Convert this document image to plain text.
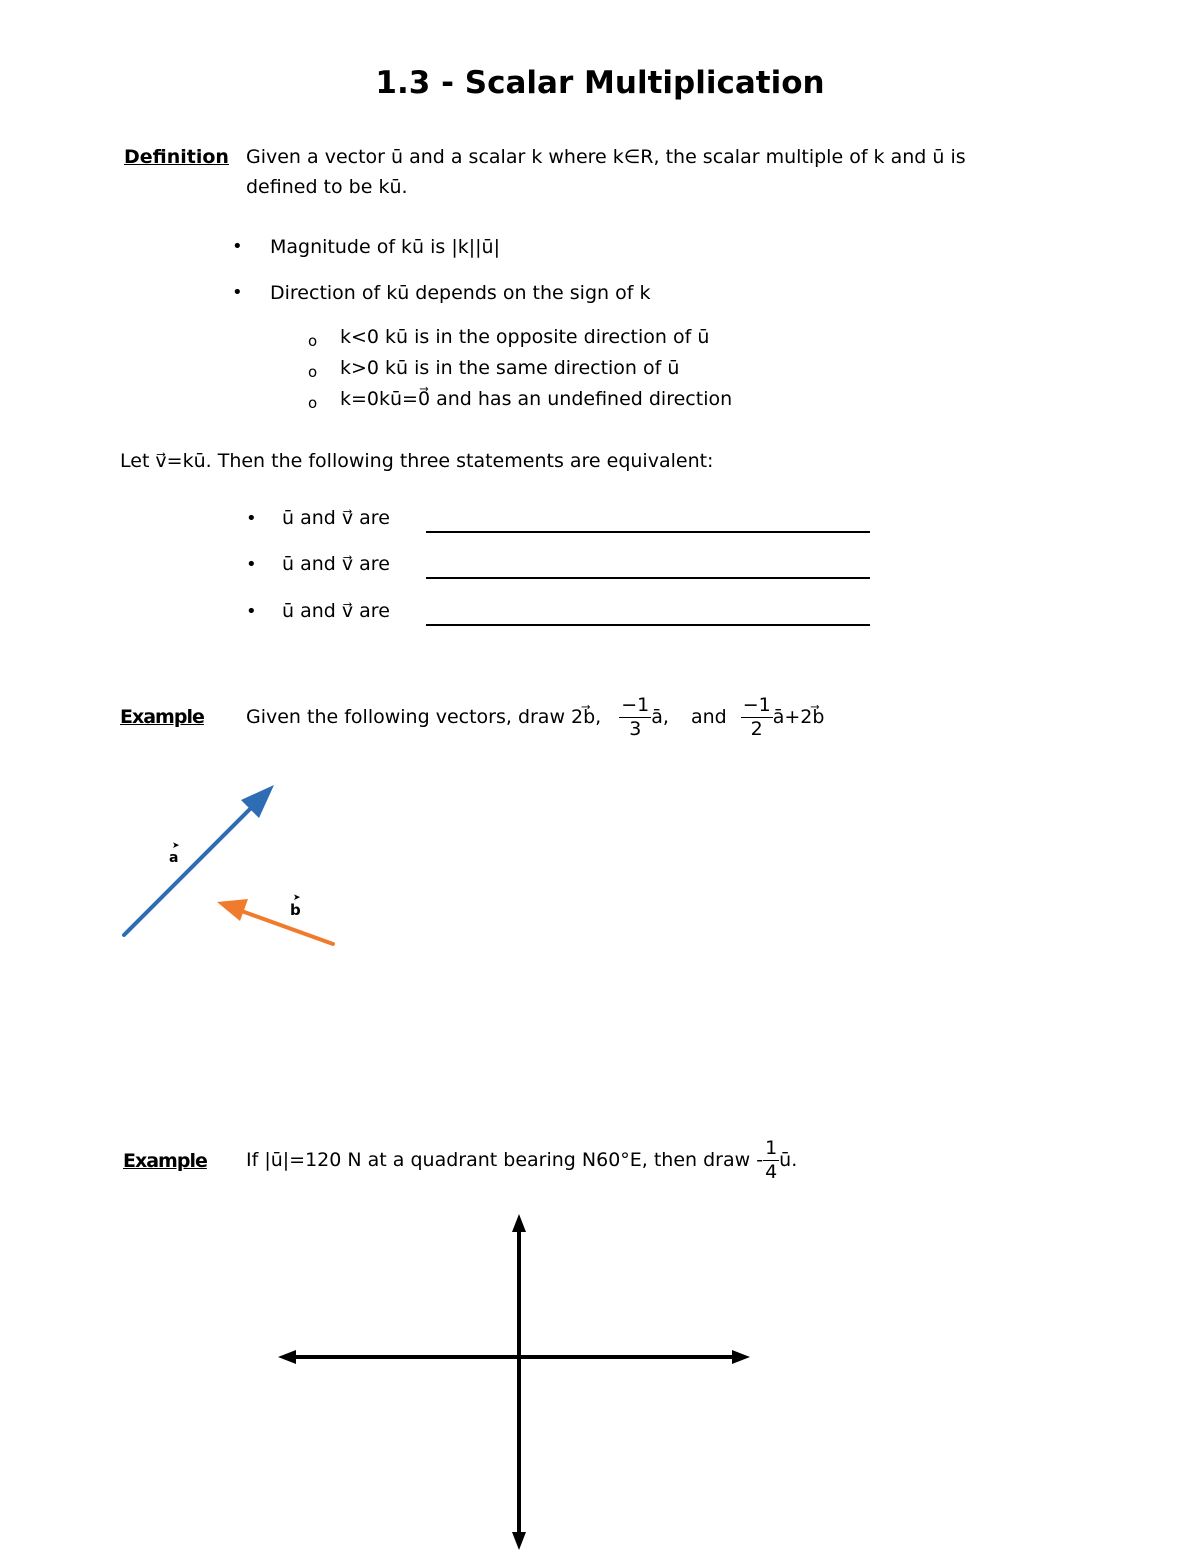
1.3 - Scalar Multiplication
Definition Given a vector ū and a scalar k where k∈R, the scalar multiple of k and ū is
defined to be kū.
• Magnitude of kū is |k||ū|
• Direction of kū depends on the sign of k
o k<0 kū is in the opposite direction of ū
o k>0 kū is in the same direction of ū
o k=0kū=0⃗ and has an undefined direction
Let v⃗=kū. Then the following three statements are equivalent:
• ū and v⃗ are
• ū and v⃗ are
• ū and v⃗ are
Example Given the following vectors, draw 2b⃗, $\frac{-1}{3}$ ā, and $\frac{-1}{2}$ ā+2b⃗
➤
a
➤
b
Example If |ū|=120 N at a quadrant bearing N60°E, then draw - $\frac{1}{4}$ ū.
